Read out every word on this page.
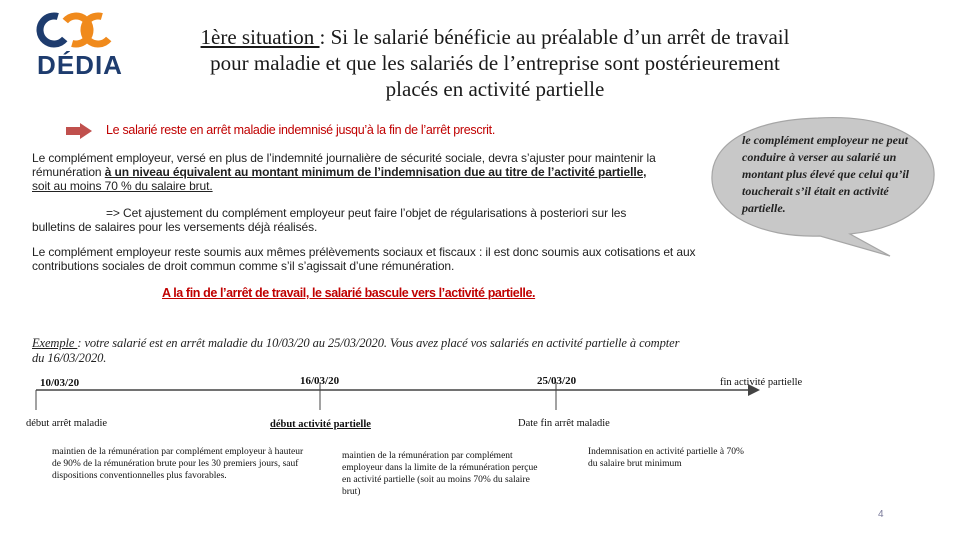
DÉDIA
1ère situation : Si le salarié bénéficie au préalable d’un arrêt de travail
pour maladie et que les salariés de l’entreprise sont postérieurement
placés en activité partielle
Le salarié reste en arrêt maladie indemnisé jusqu’à la fin de l’arrêt prescrit.
Le complément employeur, versé en plus de l’indemnité journalière de sécurité sociale, devra s’ajuster pour maintenir la rémunération à un niveau équivalent au montant minimum de l’indemnisation due au titre de l’activité partielle,
soit au moins 70 % du salaire brut.
=> Cet ajustement du complément employeur peut faire l’objet de régularisations à posteriori sur les
bulletins de salaires pour les versements déjà réalisés.
Le complément employeur reste soumis aux mêmes prélèvements sociaux et fiscaux : il est donc soumis aux cotisations et aux contributions sociales de droit commun comme s’il s’agissait d’une rémunération.
A la fin de l’arrêt de travail, le salarié bascule vers l’activité partielle.
le complément employeur ne peut conduire à verser au salarié un montant plus élevé que celui qu’il toucherait s’il était en activité partielle.
Exemple : votre salarié est en arrêt maladie du 10/03/20 au 25/03/2020. Vous avez placé vos salariés en activité partielle à compter du 16/03/2020.
10/03/20	16/03/20	25/03/20	fin activité partielle
début arrêt maladie	début activité partielle	Date fin arrêt maladie
maintien de la rémunération par complément employeur à hauteur de 90% de la rémunération brute pour les 30 premiers jours, sauf dispositions conventionnelles plus favorables.
maintien de la rémunération par complément employeur dans la limite de la rémunération perçue en activité partielle (soit au moins 70% du salaire brut)
Indemnisation en activité partielle à 70% du salaire brut minimum
4
